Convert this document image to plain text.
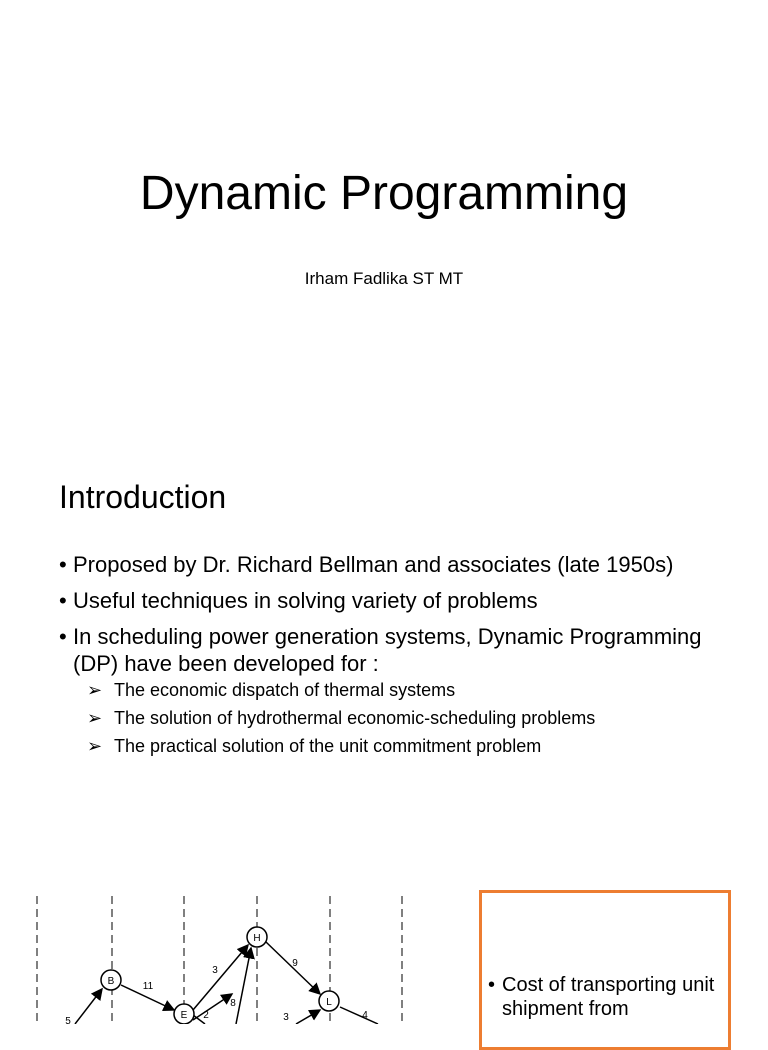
Dynamic Programming
Irham Fadlika ST MT
Introduction
• Proposed by Dr. Richard Bellman and associates (late 1950s)
• Useful techniques in solving variety of problems
• In scheduling power generation systems, Dynamic Programming (DP) have been developed for :
➢ The economic dispatch of thermal systems
➢ The solution of hydrothermal economic-scheduling problems
➢ The practical solution of the unit commitment problem
B
E
H
L
5
11
2
3
8
9
3	4
• Cost of transporting unit shipment from
